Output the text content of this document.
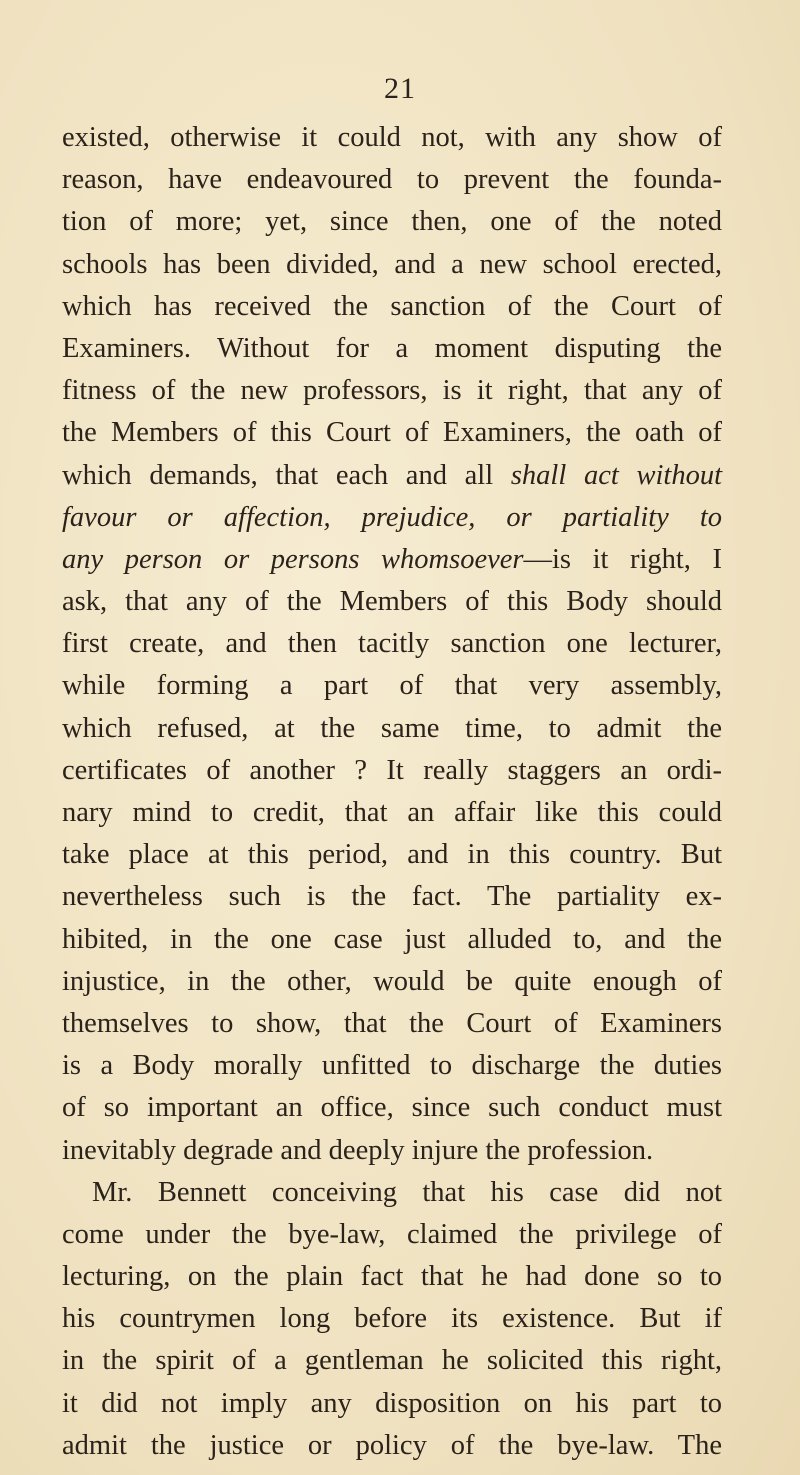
21
existed, otherwise it could not, with any show of
reason, have endeavoured to prevent the founda-
tion of more; yet, since then, one of the noted
schools has been divided, and a new school erected,
which has received the sanction of the Court of
Examiners. Without for a moment disputing the
fitness of the new professors, is it right, that any of
the Members of this Court of Examiners, the oath of
which demands, that each and all shall act without
favour or affection, prejudice, or partiality to
any person or persons whomsoever—is it right, I
ask, that any of the Members of this Body should
first create, and then tacitly sanction one lecturer,
while forming a part of that very assembly,
which refused, at the same time, to admit the
certificates of another ? It really staggers an ordi-
nary mind to credit, that an affair like this could
take place at this period, and in this country. But
nevertheless such is the fact. The partiality ex-
hibited, in the one case just alluded to, and the
injustice, in the other, would be quite enough of
themselves to show, that the Court of Examiners
is a Body morally unfitted to discharge the duties
of so important an office, since such conduct must
inevitably degrade and deeply injure the profession.
Mr. Bennett conceiving that his case did not
come under the bye-law, claimed the privilege of
lecturing, on the plain fact that he had done so to
his countrymen long before its existence. But if
in the spirit of a gentleman he solicited this right,
it did not imply any disposition on his part to
admit the justice or policy of the bye-law. The
